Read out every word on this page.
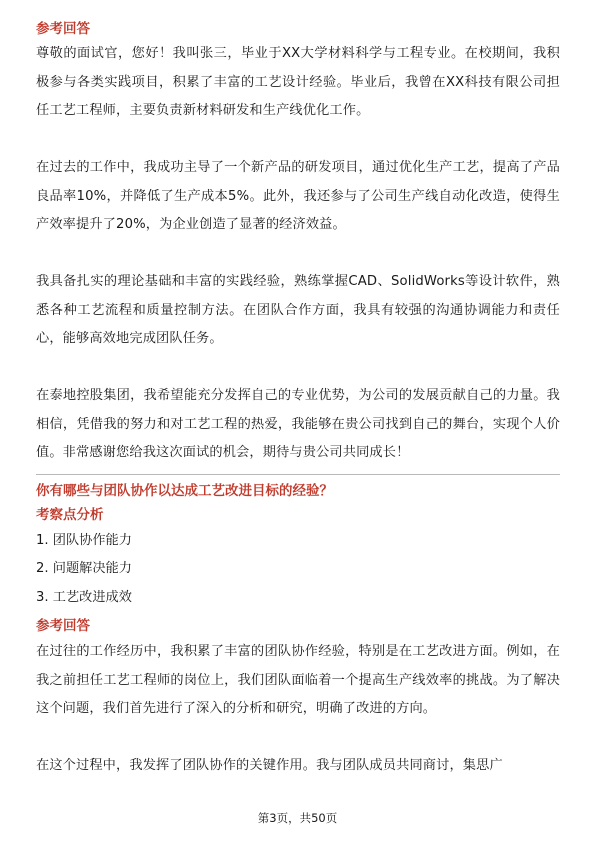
参考回答

尊敬的面试官，您好！我叫张三，毕业于XX大学材料科学与工程专业。在校期间，我积极参与各类实践项目，积累了丰富的工艺设计经验。毕业后，我曾在XX科技有限公司担任工艺工程师，主要负责新材料研发和生产线优化工作。

在过去的工作中，我成功主导了一个新产品的研发项目，通过优化生产工艺，提高了产品良品率10%，并降低了生产成本5%。此外，我还参与了公司生产线自动化改造，使得生产效率提升了20%，为企业创造了显著的经济效益。

我具备扎实的理论基础和丰富的实践经验，熟练掌握CAD、SolidWorks等设计软件，熟悉各种工艺流程和质量控制方法。在团队合作方面，我具有较强的沟通协调能力和责任心，能够高效地完成团队任务。

在泰地控股集团，我希望能充分发挥自己的专业优势，为公司的发展贡献自己的力量。我相信，凭借我的努力和对工艺工程的热爱，我能够在贵公司找到自己的舞台，实现个人价值。非常感谢您给我这次面试的机会，期待与贵公司共同成长！

你有哪些与团队协作以达成工艺改进目标的经验？

考察点分析

1. 团队协作能力
2. 问题解决能力
3. 工艺改进成效

参考回答

在过往的工作经历中，我积累了丰富的团队协作经验，特别是在工艺改进方面。例如，在我之前担任工艺工程师的岗位上，我们团队面临着一个提高生产线效率的挑战。为了解决这个问题，我们首先进行了深入的分析和研究，明确了改进的方向。

在这个过程中，我发挥了团队协作的关键作用。我与团队成员共同商讨，集思广

第3页，共50页
